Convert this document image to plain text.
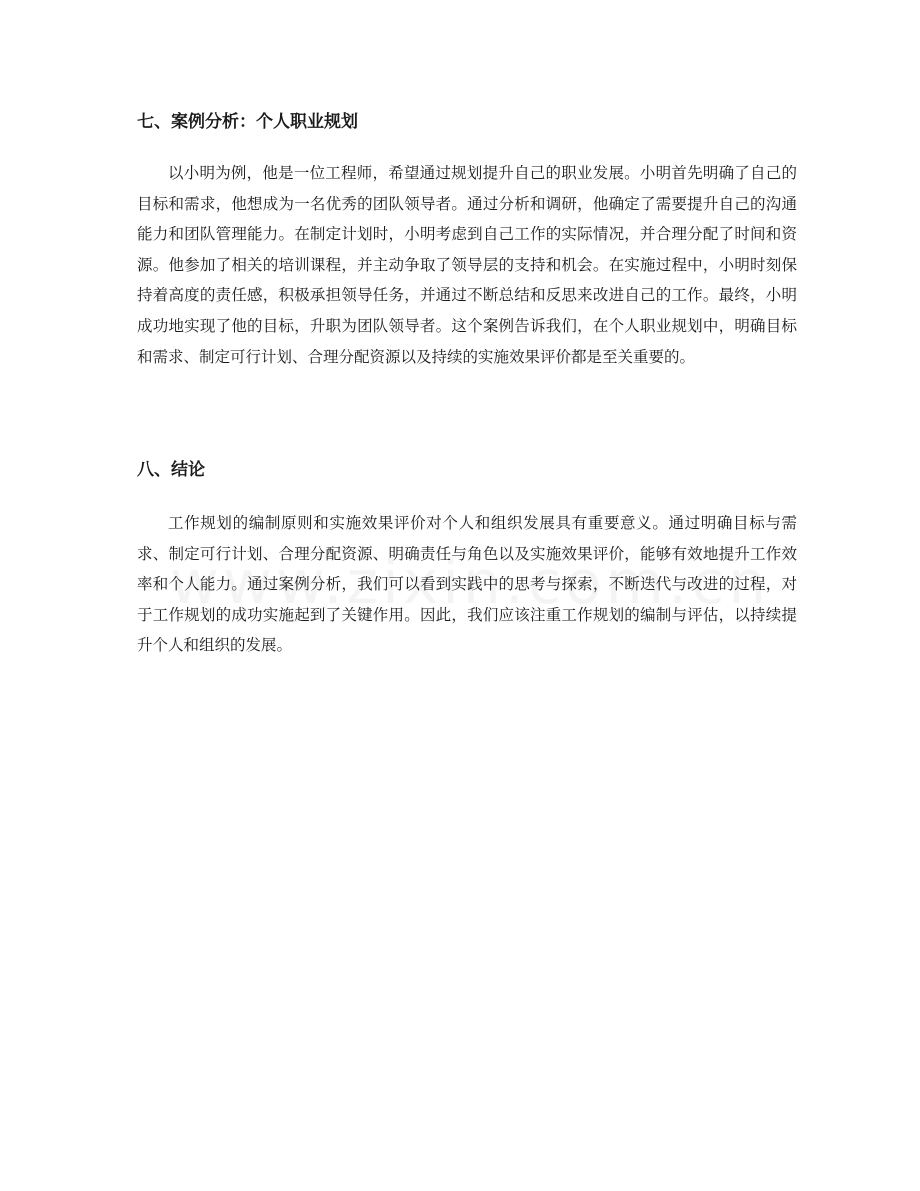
七、案例分析：个人职业规划

以小明为例，他是一位工程师，希望通过规划提升自己的职业发展。小明首先明确了自己的目标和需求，他想成为一名优秀的团队领导者。通过分析和调研，他确定了需要提升自己的沟通能力和团队管理能力。在制定计划时，小明考虑到自己工作的实际情况，并合理分配了时间和资源。他参加了相关的培训课程，并主动争取了领导层的支持和机会。在实施过程中，小明时刻保持着高度的责任感，积极承担领导任务，并通过不断总结和反思来改进自己的工作。最终，小明成功地实现了他的目标，升职为团队领导者。这个案例告诉我们，在个人职业规划中，明确目标和需求、制定可行计划、合理分配资源以及持续的实施效果评价都是至关重要的。

八、结论

工作规划的编制原则和实施效果评价对个人和组织发展具有重要意义。通过明确目标与需求、制定可行计划、合理分配资源、明确责任与角色以及实施效果评价，能够有效地提升工作效率和个人能力。通过案例分析，我们可以看到实践中的思考与探索，不断迭代与改进的过程，对于工作规划的成功实施起到了关键作用。因此，我们应该注重工作规划的编制与评估，以持续提升个人和组织的发展。
